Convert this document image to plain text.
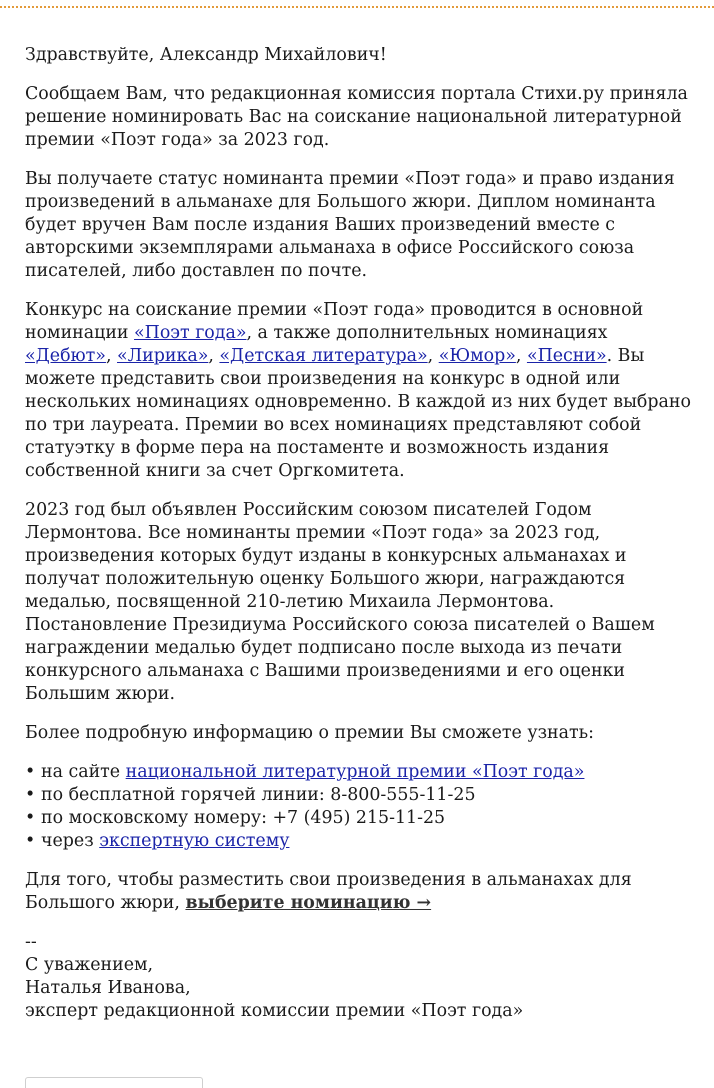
Здравствуйте, Александр Михайлович!

Сообщаем Вам, что редакционная комиссия портала Стихи.ру приняла решение номинировать Вас на соискание национальной литературной премии «Поэт года» за 2023 год.

Вы получаете статус номинанта премии «Поэт года» и право издания произведений в альманахе для Большого жюри. Диплом номинанта будет вручен Вам после издания Ваших произведений вместе с авторскими экземплярами альманаха в офисе Российского союза писателей, либо доставлен по почте.

Конкурс на соискание премии «Поэт года» проводится в основной номинации «Поэт года», а также дополнительных номинациях «Дебют», «Лирика», «Детская литература», «Юмор», «Песни». Вы можете представить свои произведения на конкурс в одной или нескольких номинациях одновременно. В каждой из них будет выбрано по три лауреата. Премии во всех номинациях представляют собой статуэтку в форме пера на постаменте и возможность издания собственной книги за счет Оргкомитета.

2023 год был объявлен Российским союзом писателей Годом Лермонтова. Все номинанты премии «Поэт года» за 2023 год, произведения которых будут изданы в конкурсных альманахах и получат положительную оценку Большого жюри, награждаются медалью, посвященной 210-летию Михаила Лермонтова. Постановление Президиума Российского союза писателей о Вашем награждении медалью будет подписано после выхода из печати конкурсного альманаха с Вашими произведениями и его оценки Большим жюри.

Более подробную информацию о премии Вы сможете узнать:

• на сайте национальной литературной премии «Поэт года»
• по бесплатной горячей линии: 8-800-555-11-25
• по московскому номеру: +7 (495) 215-11-25
• через экспертную систему

Для того, чтобы разместить свои произведения в альманахах для Большого жюри, выберите номинацию →

--
С уважением,
Наталья Иванова,
эксперт редакционной комиссии премии «Поэт года»
